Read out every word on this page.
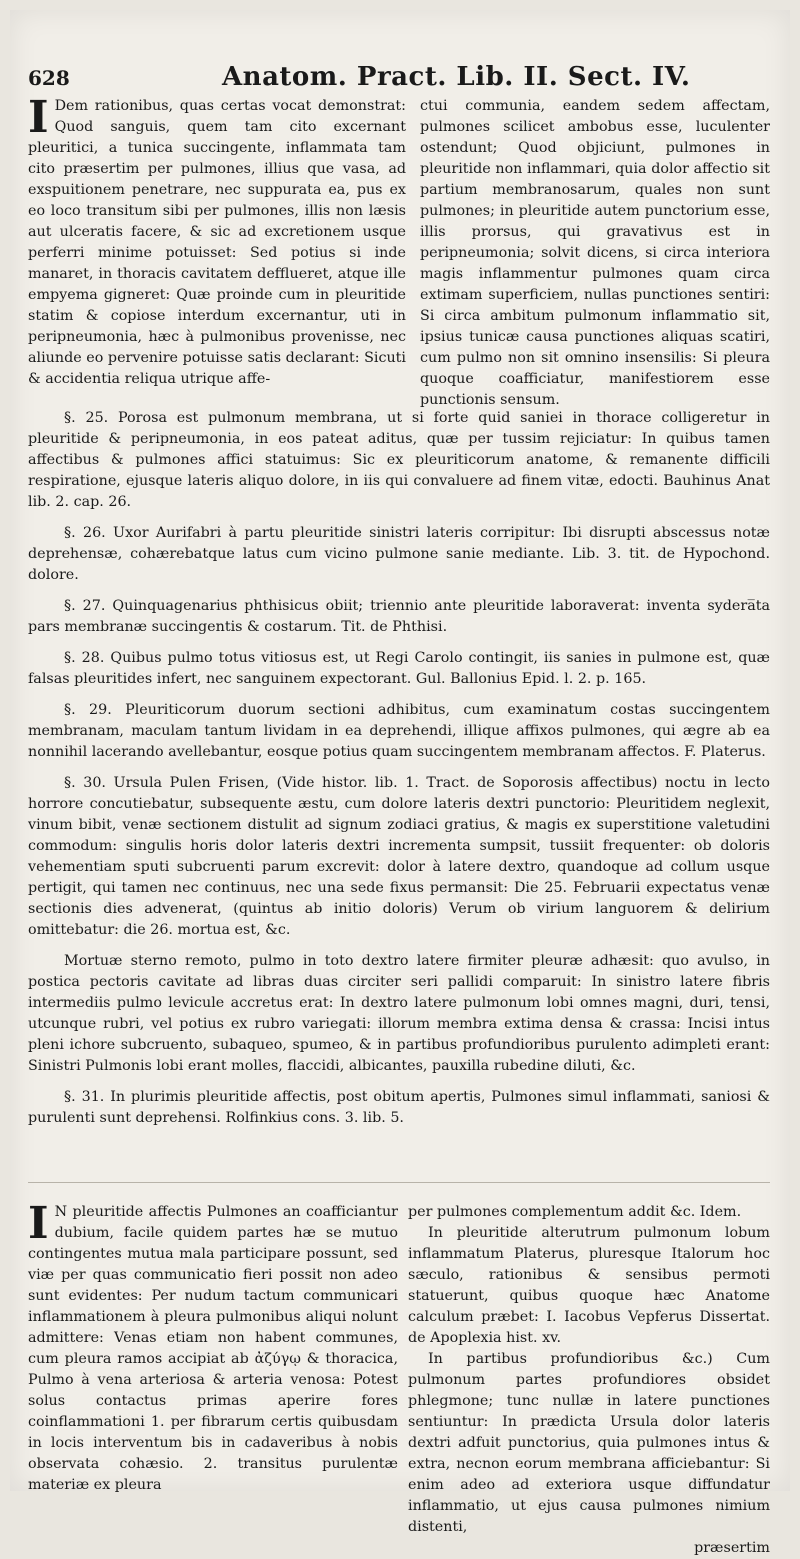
628	Anatom. Pract. Lib. II. Sect. IV.

I Dem rationibus, quas certas vocat demonstrat: Quod sanguis, quem tam cito excernant pleuritici, a tunica succingente, inflammata tam cito præsertim per pulmones, illius que vasa, ad exspuitionem penetrare, nec suppurata ea, pus ex eo loco transitum sibi per pulmones, illis non læsis aut ulceratis facere, & sic ad excretionem usque perferri minime potuisset: Sed potius si inde manaret, in thoracis cavitatem defflueret, atque ille empyema gigneret: Quæ proinde cum in pleuritide statim & copiose interdum excernantur, uti in peripneumonia, hæc à pulmonibus provenisse, nec aliunde eo pervenire potuisse satis declarant: Sicuti & accidentia reliqua utrique affe-

ctui communia, eandem sedem affectam, pulmones scilicet ambobus esse, luculenter ostendunt; Quod objiciunt, pulmones in pleuritide non inflammari, quia dolor affectio sit partium membranosarum, quales non sunt pulmones; in pleuritide autem punctorium esse, illis prorsus, qui gravativus est in peripneumonia; solvit dicens, si circa interiora magis inflammentur pulmones quam circa extimam superficiem, nullas punctiones sentiri: Si circa ambitum pulmonum inflammatio sit, ipsius tunicæ causa punctiones aliquas scatiri, cum pulmo non sit omnino insensilis: Si pleura quoque coafficiatur, manifestiorem esse punctionis sensum.

§. 25. Porosa est pulmonum membrana, ut si forte quid saniei in thorace colligeretur in pleuritide & peripneumonia, in eos pateat aditus, quæ per tussim rejiciatur: In quibus tamen affectibus & pulmones affici statuimus: Sic ex pleuriticorum anatome, & remanente difficili respiratione, ejusque lateris aliquo dolore, in iis qui convaluere ad finem vitæ, edocti. Bauhinus Anat lib. 2. cap. 26.

§. 26. Uxor Aurifabri à partu pleuritide sinistri lateris corripitur: Ibi disrupti abscessus notæ deprehensæ, cohærebatque latus cum vicino pulmone sanie mediante. Lib. 3. tit. de Hypochond. dolore.

§. 27. Quinquagenarius phthisicus obiit; triennio ante pleuritide laboraverat: inventa sydera̅ta pars membranæ succingentis & costarum. Tit. de Phthisi.

§. 28. Quibus pulmo totus vitiosus est, ut Regi Carolo contingit, iis sanies in pulmone est, quæ falsas pleuritides infert, nec sanguinem expectorant. Gul. Ballonius Epid. l. 2. p. 165.

§. 29. Pleuriticorum duorum sectioni adhibitus, cum examinatum costas succingentem membranam, maculam tantum lividam in ea deprehendi, illique affixos pulmones, qui ægre ab ea nonnihil lacerando avellebantur, eosque potius quam succingentem membranam affectos. F. Platerus.

§. 30. Ursula Pulen Frisen, (Vide histor. lib. 1. Tract. de Soporosis affectibus) noctu in lecto horrore concutiebatur, subsequente æstu, cum dolore lateris dextri punctorio: Pleuritidem neglexit, vinum bibit, venæ sectionem distulit ad signum zodiaci gratius, & magis ex superstitione valetudini commodum: singulis horis dolor lateris dextri incrementa sumpsit, tussiit frequenter: ob doloris vehementiam sputi subcruenti parum excrevit: dolor à latere dextro, quandoque ad collum usque pertigit, qui tamen nec continuus, nec una sede fixus permansit: Die 25. Februarii expectatus venæ sectionis dies advenerat, (quintus ab initio doloris) Verum ob virium languorem & delirium omittebatur: die 26. mortua est, &c.

Mortuæ sterno remoto, pulmo in toto dextro latere firmiter pleuræ adhæsit: quo avulso, in postica pectoris cavitate ad libras duas circiter seri pallidi comparuit: In sinistro latere fibris intermediis pulmo levicule accretus erat: In dextro latere pulmonum lobi omnes magni, duri, tensi, utcunque rubri, vel potius ex rubro variegati: illorum membra extima densa & crassa: Incisi intus pleni ichore subcruento, subaqueo, spumeo, & in partibus profundioribus purulento adimpleti erant: Sinistri Pulmonis lobi erant molles, flaccidi, albicantes, pauxilla rubedine diluti, &c.

§. 31. In plurimis pleuritide affectis, post obitum apertis, Pulmones simul inflammati, saniosi & purulenti sunt deprehensi. Rolfinkius cons. 3. lib. 5.

I N pleuritide affectis Pulmones an coafficiantur dubium, facile quidem partes hæ se mutuo contingentes mutua mala participare possunt, sed viæ per quas communicatio fieri possit non adeo sunt evidentes: Per nudum tactum communicari inflammationem à pleura pulmonibus aliqui nolunt admittere: Venas etiam non habent communes, cum pleura ramos accipiat ab ἀζύγῳ & thoracica, Pulmo à vena arteriosa & arteria venosa: Potest solus contactus primas aperire fores coinflammationi 1. per fibrarum certis quibusdam in locis interventum bis in cadaveribus à nobis observata cohæsio. 2. transitus purulentæ materiæ ex pleura

per pulmones complementum addit &c. Idem.

In pleuritide alterutrum pulmonum lobum inflammatum Platerus, pluresque Italorum hoc sæculo, rationibus & sensibus permoti statuerunt, quibus quoque hæc Anatome calculum præbet: I. Iacobus Vepferus Dissertat. de Apoplexia hist. xv.

In partibus profundioribus &c.) Cum pulmonum partes profundiores obsidet phlegmone; tunc nullæ in latere punctiones sentiuntur: In prædicta Ursula dolor lateris dextri adfuit punctorius, quia pulmones intus & extra, necnon eorum membrana afficiebantur: Si enim adeo ad exteriora usque diffundatur inflammatio, ut ejus causa pulmones nimium distenti,

præsertim
